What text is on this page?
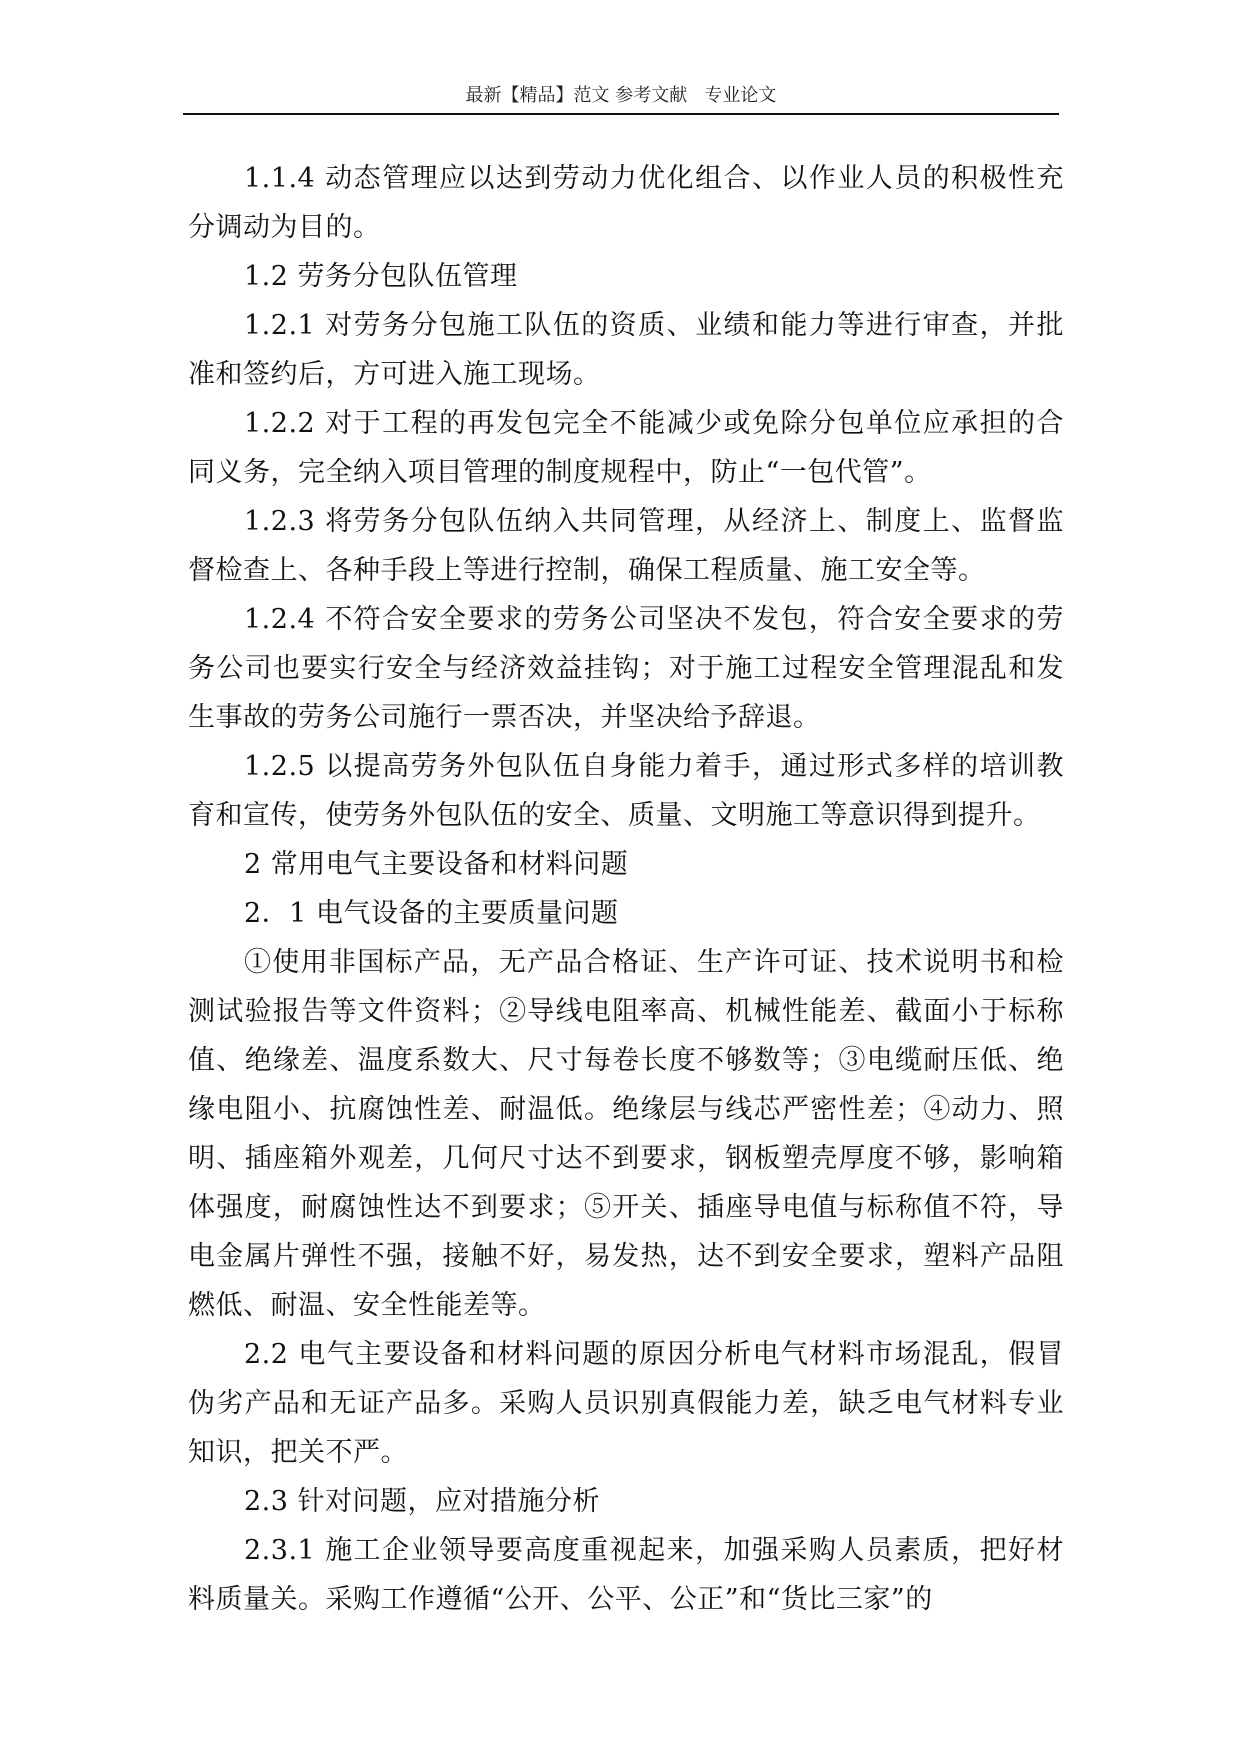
最新【精品】范文 参考文献   专业论文

1.1.4 动态管理应以达到劳动力优化组合、以作业人员的积极性充分调动为目的。

1.2 劳务分包队伍管理

1.2.1 对劳务分包施工队伍的资质、业绩和能力等进行审查，并批准和签约后，方可进入施工现场。

1.2.2 对于工程的再发包完全不能减少或免除分包单位应承担的合同义务，完全纳入项目管理的制度规程中，防止“一包代管”。

1.2.3 将劳务分包队伍纳入共同管理，从经济上、制度上、监督监督检查上、各种手段上等进行控制，确保工程质量、施工安全等。

1.2.4 不符合安全要求的劳务公司坚决不发包，符合安全要求的劳务公司也要实行安全与经济效益挂钩；对于施工过程安全管理混乱和发生事故的劳务公司施行一票否决，并坚决给予辞退。

1.2.5 以提高劳务外包队伍自身能力着手，通过形式多样的培训教育和宣传，使劳务外包队伍的安全、质量、文明施工等意识得到提升。

2 常用电气主要设备和材料问题

2．1 电气设备的主要质量问题

①使用非国标产品，无产品合格证、生产许可证、技术说明书和检测试验报告等文件资料；②导线电阻率高、机械性能差、截面小于标称值、绝缘差、温度系数大、尺寸每卷长度不够数等；③电缆耐压低、绝缘电阻小、抗腐蚀性差、耐温低。绝缘层与线芯严密性差；④动力、照明、插座箱外观差，几何尺寸达不到要求，钢板塑壳厚度不够，影响箱体强度，耐腐蚀性达不到要求；⑤开关、插座导电值与标称值不符，导电金属片弹性不强，接触不好，易发热，达不到安全要求，塑料产品阻燃低、耐温、安全性能差等。

2.2 电气主要设备和材料问题的原因分析电气材料市场混乱，假冒伪劣产品和无证产品多。采购人员识别真假能力差，缺乏电气材料专业知识，把关不严。

2.3 针对问题，应对措施分析

2.3.1 施工企业领导要高度重视起来，加强采购人员素质，把好材料质量关。采购工作遵循“公开、公平、公正”和“货比三家”的
